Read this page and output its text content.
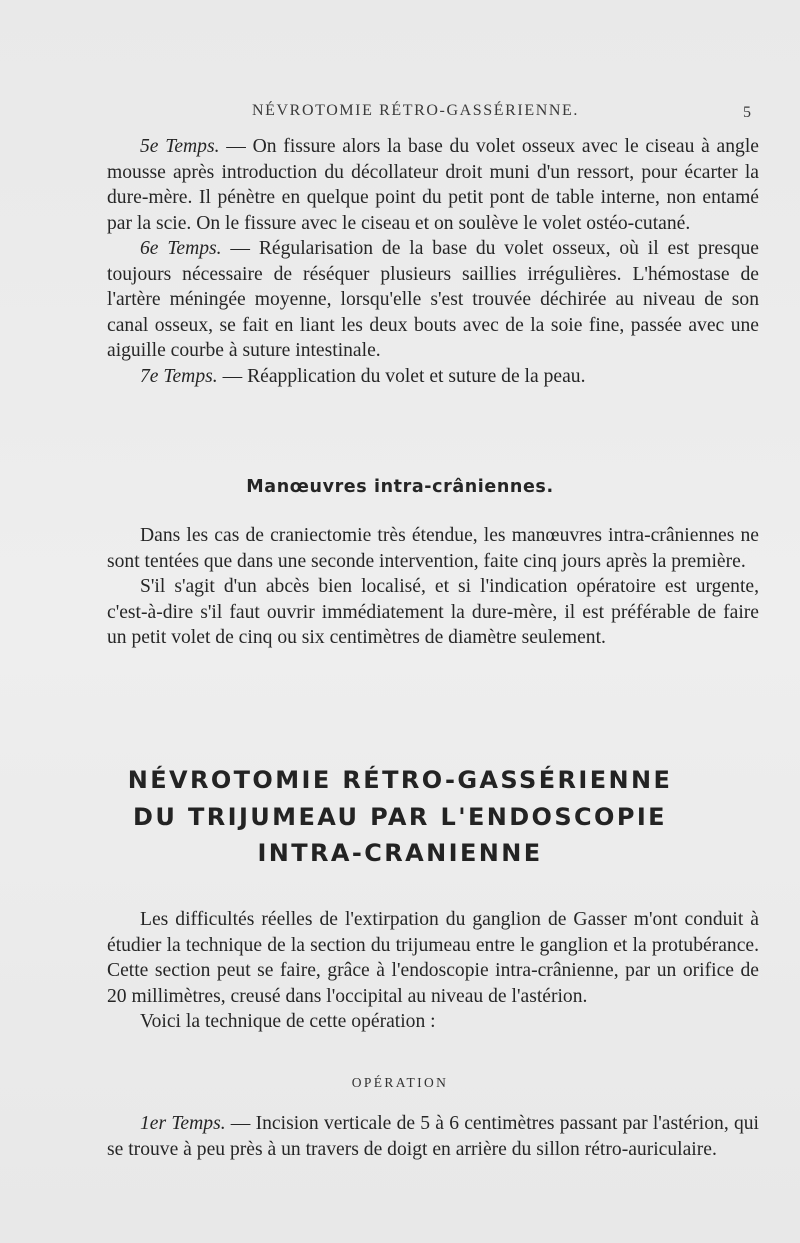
NÉVROTOMIE RÉTRO-GASSÉRIENNE.	5

5e Temps. — On fissure alors la base du volet osseux avec le ciseau à angle mousse après introduction du décollateur droit muni d'un ressort, pour écarter la dure-mère. Il pénètre en quelque point du petit pont de table interne, non entamé par la scie. On le fissure avec le ciseau et on soulève le volet ostéo-cutané.

6e Temps. — Régularisation de la base du volet osseux, où il est presque toujours nécessaire de réséquer plusieurs saillies irrégulières. L'hémostase de l'artère méningée moyenne, lorsqu'elle s'est trouvée déchirée au niveau de son canal osseux, se fait en liant les deux bouts avec de la soie fine, passée avec une aiguille courbe à suture intestinale.

7e Temps. — Réapplication du volet et suture de la peau.

Manœuvres intra-crâniennes.

Dans les cas de craniectomie très étendue, les manœuvres intra-crâniennes ne sont tentées que dans une seconde intervention, faite cinq jours après la première.

S'il s'agit d'un abcès bien localisé, et si l'indication opératoire est urgente, c'est-à-dire s'il faut ouvrir immédiatement la dure-mère, il est préférable de faire un petit volet de cinq ou six centimètres de diamètre seulement.

NÉVROTOMIE RÉTRO-GASSÉRIENNE
DU TRIJUMEAU PAR L'ENDOSCOPIE
INTRA-CRANIENNE

Les difficultés réelles de l'extirpation du ganglion de Gasser m'ont conduit à étudier la technique de la section du trijumeau entre le ganglion et la protubérance. Cette section peut se faire, grâce à l'endoscopie intra-crânienne, par un orifice de 20 millimètres, creusé dans l'occipital au niveau de l'astérion.

Voici la technique de cette opération :

OPÉRATION

1er Temps. — Incision verticale de 5 à 6 centimètres passant par l'astérion, qui se trouve à peu près à un travers de doigt en arrière du sillon rétro-auriculaire.
